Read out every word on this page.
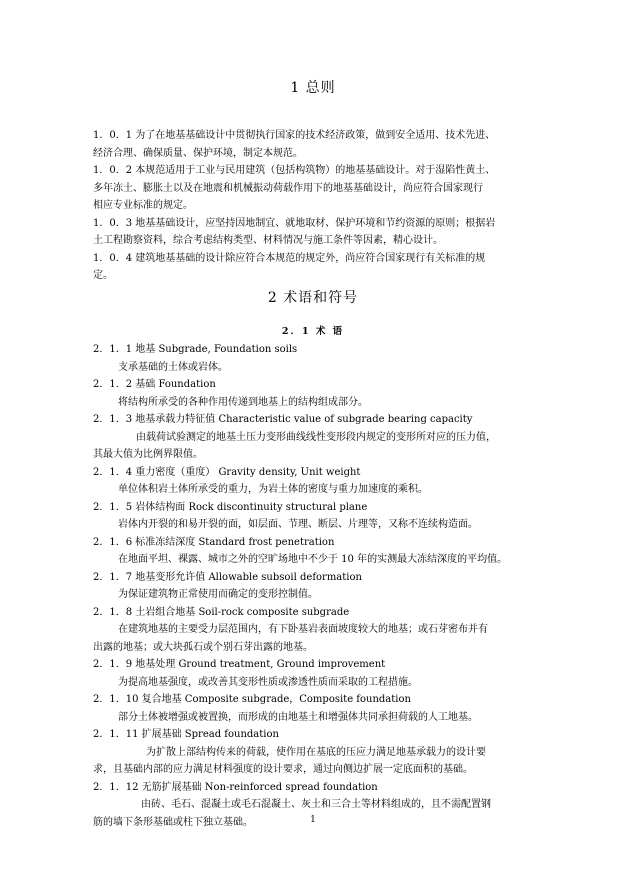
1 总则
1．0．1 为了在地基基础设计中贯彻执行国家的技术经济政策，做到安全适用、技术先进、
经济合理、确保质量、保护环境，制定本规范。
1．0．2 本规范适用于工业与民用建筑（包括构筑物）的地基基础设计。对于湿陷性黄土、
多年冻土、膨胀土以及在地震和机械振动荷载作用下的地基基础设计，尚应符合国家现行
相应专业标准的规定。
1．0．3 地基基础设计，应坚持因地制宜、就地取材、保护环境和节约资源的原则；根据岩
土工程勘察资料，综合考虑结构类型、材料情况与施工条件等因素，精心设计。
1．0．4 建筑地基基础的设计除应符合本规范的规定外，尚应符合国家现行有关标准的规
定。
2 术语和符号
2．1 术 语
2．1．1 地基 Subgrade, Foundation soils
支承基础的土体或岩体。
2．1．2 基础 Foundation
将结构所承受的各种作用传递到地基上的结构组成部分。
2．1．3 地基承载力特征值 Characteristic value of subgrade bearing capacity
由载荷试验测定的地基土压力变形曲线线性变形段内规定的变形所对应的压力值，
其最大值为比例界限值。
2．1．4 重力密度（重度） Gravity density, Unit weight
单位体积岩土体所承受的重力，为岩土体的密度与重力加速度的乘积。
2．1．5 岩体结构面 Rock discontinuity structural plane
岩体内开裂的和易开裂的面，如层面、节理、断层、片理等，又称不连续构造面。
2．1．6 标准冻结深度 Standard frost penetration
在地面平坦、裸露、城市之外的空旷场地中不少于 10 年的实测最大冻结深度的平均值。
2．1．7 地基变形允许值 Allowable subsoil deformation
为保证建筑物正常使用而确定的变形控制值。
2．1．8 土岩组合地基 Soil-rock composite subgrade
在建筑地基的主要受力层范围内，有下卧基岩表面坡度较大的地基；或石芽密布并有
出露的地基；或大块孤石或个别石芽出露的地基。
2．1．9 地基处理 Ground treatment, Ground improvement
为提高地基强度，或改善其变形性质或渗透性质而采取的工程措施。
2．1．10 复合地基 Composite subgrade，Composite foundation
部分土体被增强或被置换，而形成的由地基土和增强体共同承担荷载的人工地基。
2．1．11 扩展基础 Spread foundation
为扩散上部结构传来的荷载，使作用在基底的压应力满足地基承载力的设计要
求，且基础内部的应力满足材料强度的设计要求，通过向侧边扩展一定底面积的基础。
2．1．12 无筋扩展基础 Non-reinforced spread foundation
由砖、毛石、混凝土或毛石混凝土、灰土和三合土等材料组成的，且不需配置钢
筋的墙下条形基础或柱下独立基础。	1
